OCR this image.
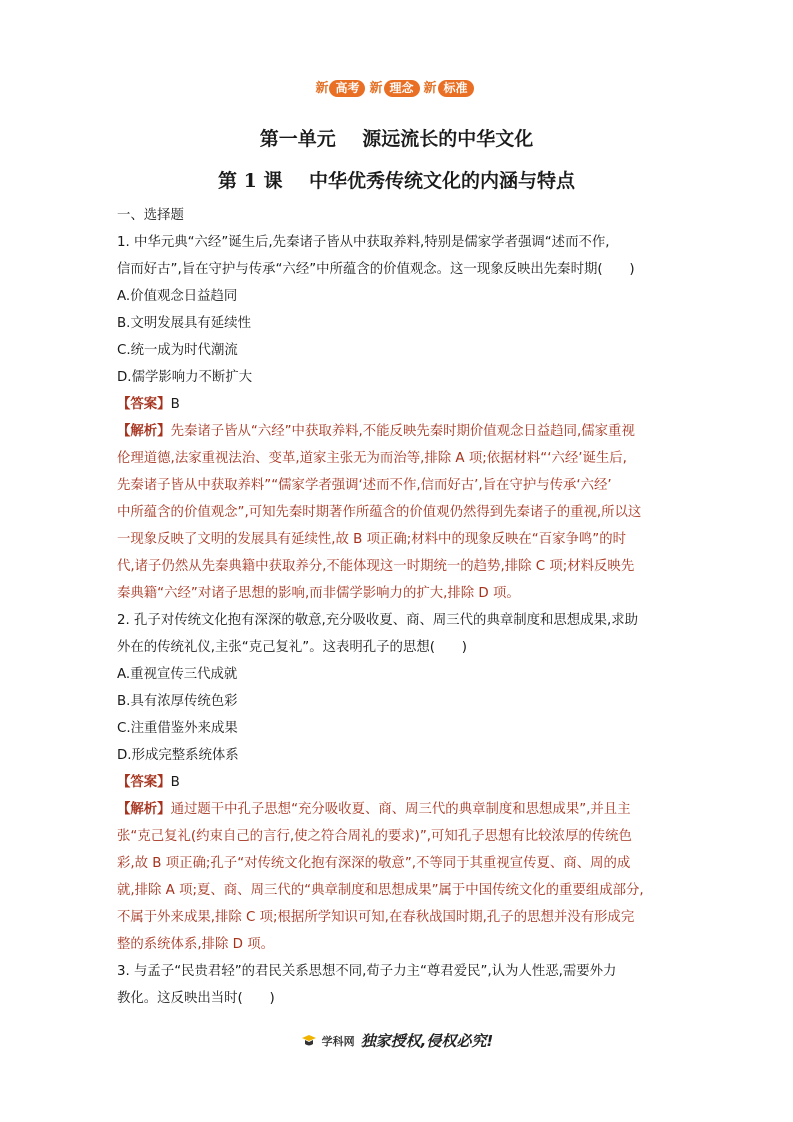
新 高考 新 理念 新 标准
第一单元    源远流长的中华文化
第 1 课    中华优秀传统文化的内涵与特点

一、选择题

1. 中华元典“六经”诞生后,先秦诸子皆从中获取养料,特别是儒家学者强调“述而不作,

信而好古”,旨在守护与传承“六经”中所蕴含的价值观念。这一现象反映出先秦时期(　　)

A.价值观念日益趋同

B.文明发展具有延续性

C.统一成为时代潮流

D.儒学影响力不断扩大

【答案】B

【解析】先秦诸子皆从“六经”中获取养料,不能反映先秦时期价值观念日益趋同,儒家重视

伦理道德,法家重视法治、变革,道家主张无为而治等,排除 A 项;依据材料“‘六经’诞生后,

先秦诸子皆从中获取养料”“儒家学者强调‘述而不作,信而好古’,旨在守护与传承‘六经’

中所蕴含的价值观念”,可知先秦时期著作所蕴含的价值观仍然得到先秦诸子的重视,所以这

一现象反映了文明的发展具有延续性,故 B 项正确;材料中的现象反映在“百家争鸣”的时

代,诸子仍然从先秦典籍中获取养分,不能体现这一时期统一的趋势,排除 C 项;材料反映先

秦典籍“六经”对诸子思想的影响,而非儒学影响力的扩大,排除 D 项。

2. 孔子对传统文化抱有深深的敬意,充分吸收夏、商、周三代的典章制度和思想成果,求助

外在的传统礼仪,主张“克己复礼”。这表明孔子的思想(　　)

A.重视宣传三代成就

B.具有浓厚传统色彩

C.注重借鉴外来成果

D.形成完整系统体系

【答案】B

【解析】通过题干中孔子思想“充分吸收夏、商、周三代的典章制度和思想成果”,并且主

张“克己复礼(约束自己的言行,使之符合周礼的要求)”,可知孔子思想有比较浓厚的传统色

彩,故 B 项正确;孔子“对传统文化抱有深深的敬意”,不等同于其重视宣传夏、商、周的成

就,排除 A 项;夏、商、周三代的“典章制度和思想成果”属于中国传统文化的重要组成部分,

不属于外来成果,排除 C 项;根据所学知识可知,在春秋战国时期,孔子的思想并没有形成完

整的系统体系,排除 D 项。

3. 与孟子“民贵君轻”的君民关系思想不同,荀子力主“尊君爱民”,认为人性恶,需要外力

教化。这反映出当时(　　)

学科网 独家授权,侵权必究!
